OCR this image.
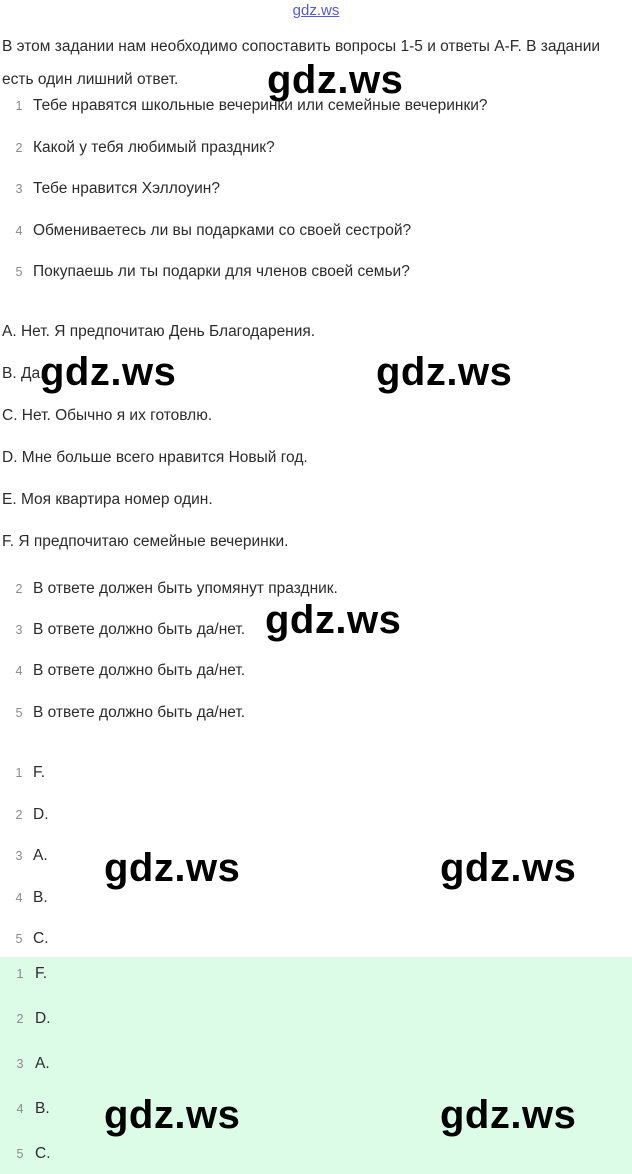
gdz.ws
В этом задании нам необходимо сопоставить вопросы 1-5 и ответы A-F. В задании есть один лишний ответ.
1 Тебе нравятся школьные вечеринки или семейные вечеринки?
2 Какой у тебя любимый праздник?
3 Тебе нравится Хэллоуин?
4 Обмениваетесь ли вы подарками со своей сестрой?
5 Покупаешь ли ты подарки для членов своей семьи?
A. Нет. Я предпочитаю День Благодарения.
B. Да.
C. Нет. Обычно я их готовлю.
D. Мне больше всего нравится Новый год.
E. Моя квартира номер один.
F. Я предпочитаю семейные вечеринки.
2 В ответе должен быть упомянут праздник.
3 В ответе должно быть да/нет.
4 В ответе должно быть да/нет.
5 В ответе должно быть да/нет.
1 F.
2 D.
3 A.
4 B.
5 C.
1 F.
2 D.
3 A.
4 B.
5 C.
gdz.ws
gdz.ws	gdz.ws
gdz.ws
gdz.ws	gdz.ws
gdz.ws	gdz.ws
